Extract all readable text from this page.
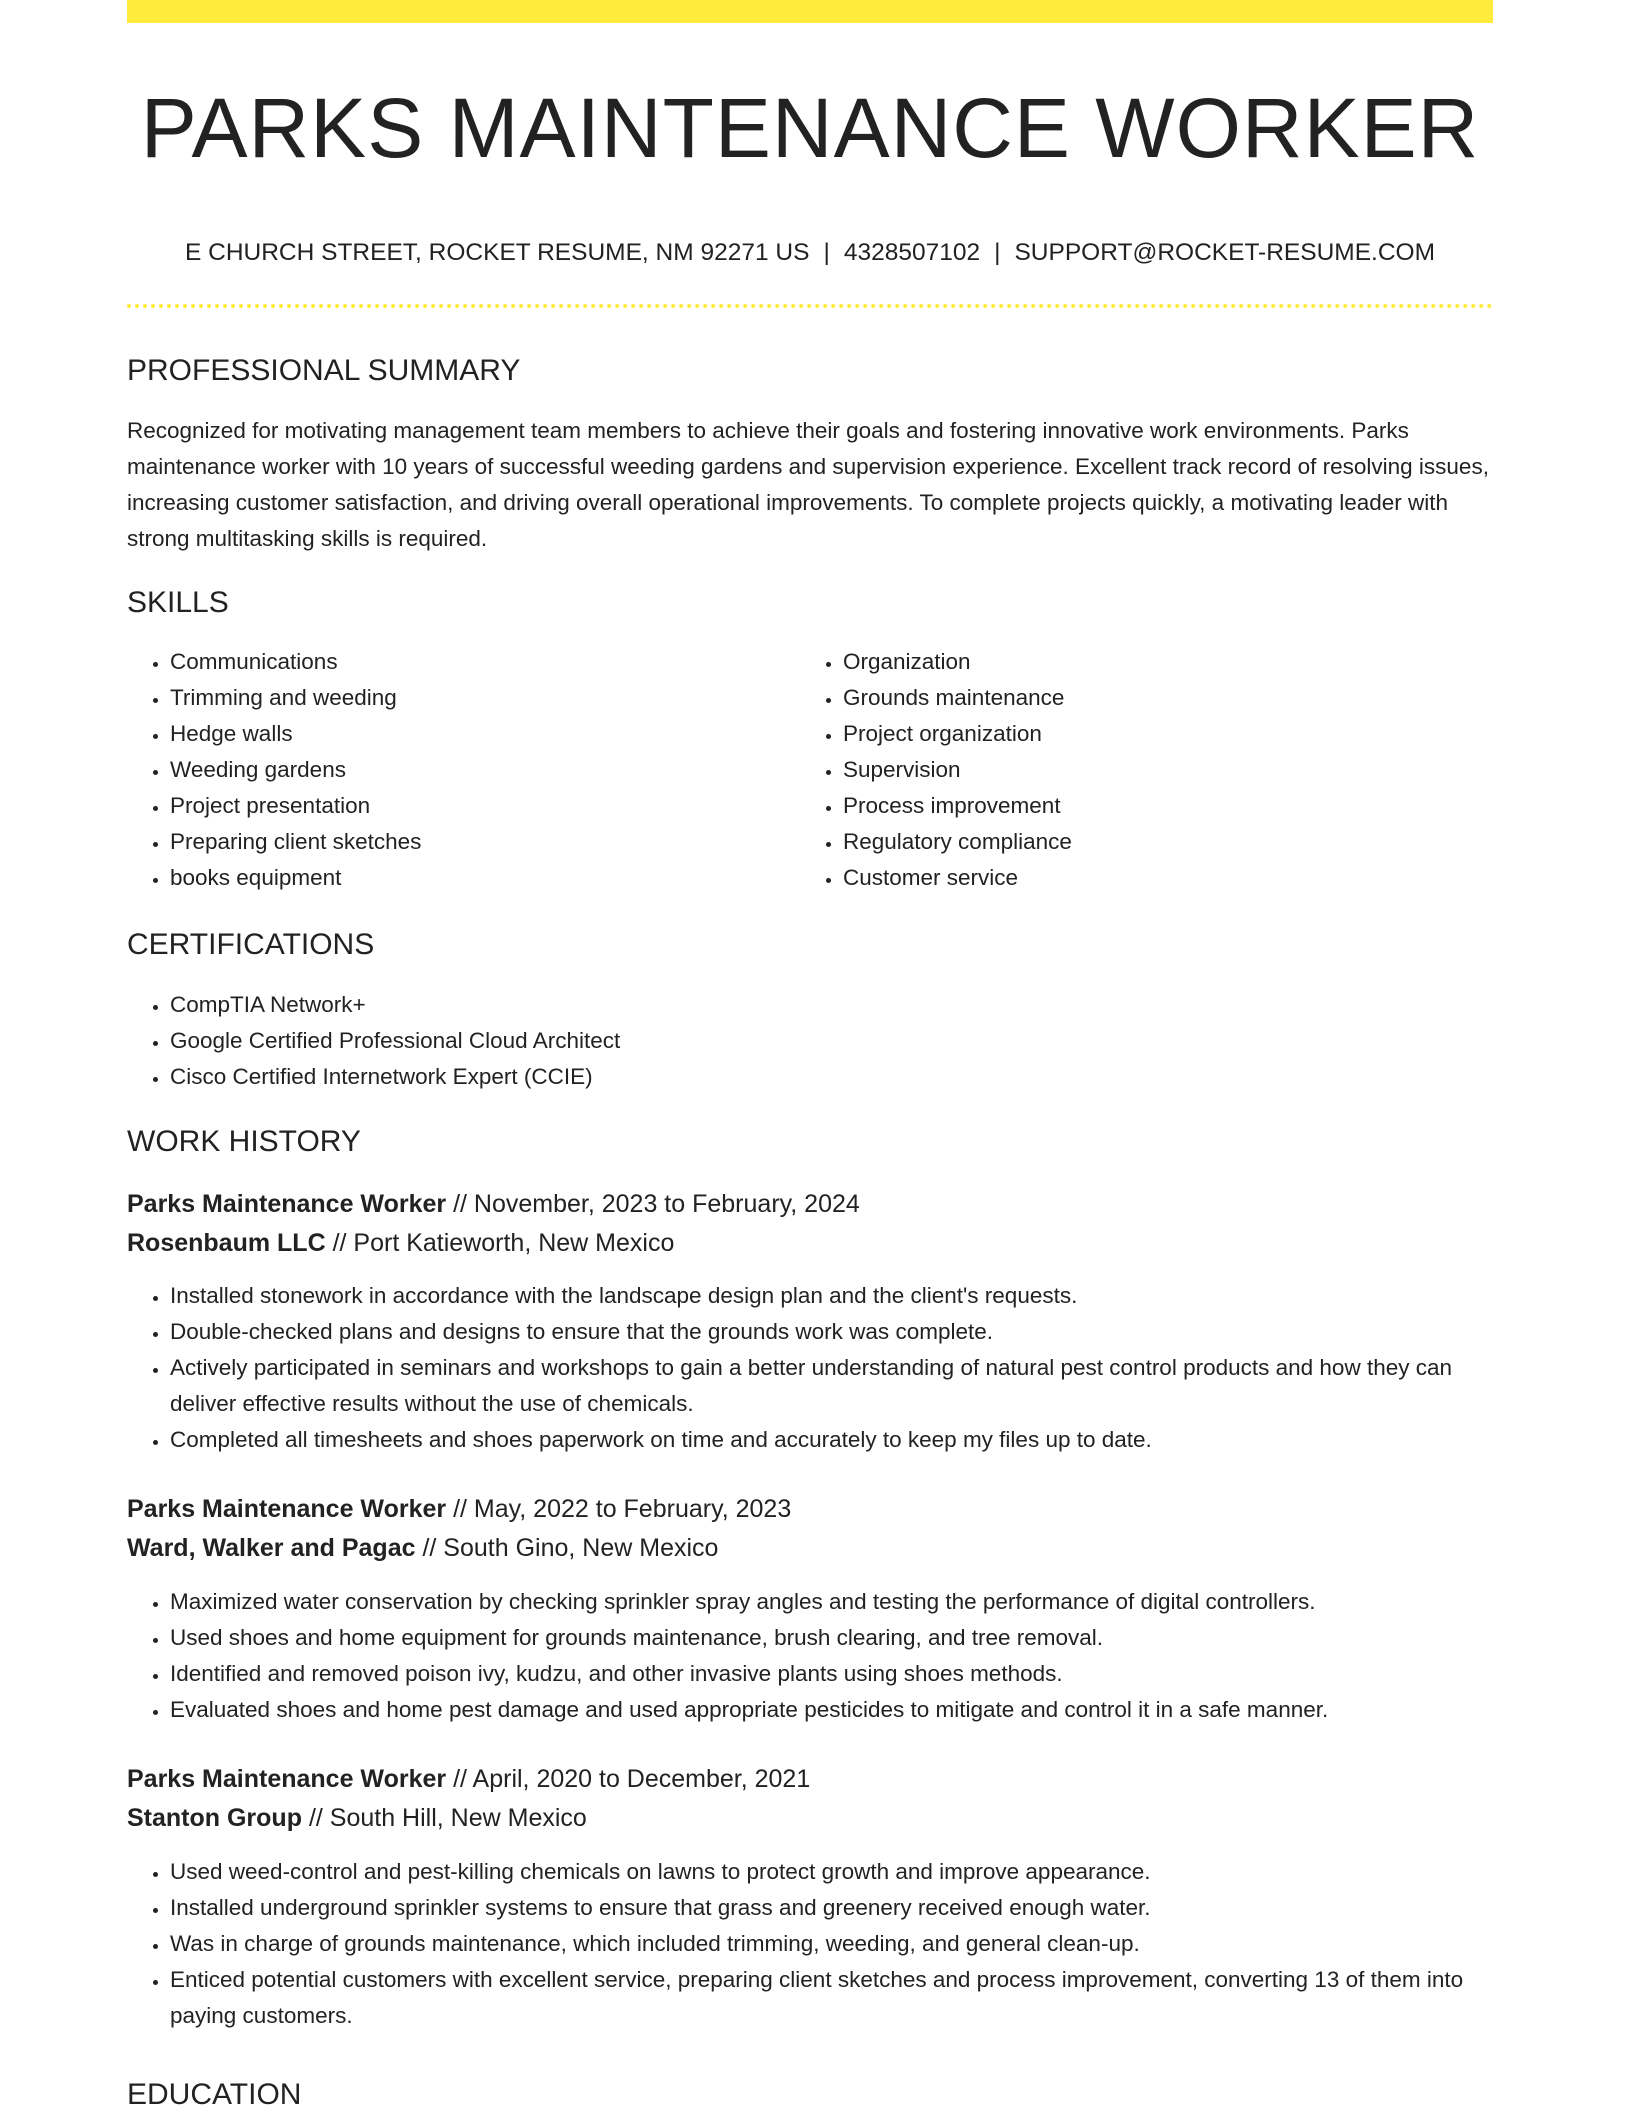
PARKS MAINTENANCE WORKER
E CHURCH STREET, ROCKET RESUME, NM 92271 US | 4328507102 | SUPPORT@ROCKET-RESUME.COM
PROFESSIONAL SUMMARY
Recognized for motivating management team members to achieve their goals and fostering innovative work environments. Parks maintenance worker with 10 years of successful weeding gardens and supervision experience. Excellent track record of resolving issues, increasing customer satisfaction, and driving overall operational improvements. To complete projects quickly, a motivating leader with strong multitasking skills is required.
SKILLS
• Communications
• Trimming and weeding
• Hedge walls
• Weeding gardens
• Project presentation
• Preparing client sketches
• books equipment
• Organization
• Grounds maintenance
• Project organization
• Supervision
• Process improvement
• Regulatory compliance
• Customer service
CERTIFICATIONS
• CompTIA Network+
• Google Certified Professional Cloud Architect
• Cisco Certified Internetwork Expert (CCIE)
WORK HISTORY
Parks Maintenance Worker // November, 2023 to February, 2024
Rosenbaum LLC // Port Katieworth, New Mexico
• Installed stonework in accordance with the landscape design plan and the client's requests.
• Double-checked plans and designs to ensure that the grounds work was complete.
• Actively participated in seminars and workshops to gain a better understanding of natural pest control products and how they can deliver effective results without the use of chemicals.
• Completed all timesheets and shoes paperwork on time and accurately to keep my files up to date.
Parks Maintenance Worker // May, 2022 to February, 2023
Ward, Walker and Pagac // South Gino, New Mexico
• Maximized water conservation by checking sprinkler spray angles and testing the performance of digital controllers.
• Used shoes and home equipment for grounds maintenance, brush clearing, and tree removal.
• Identified and removed poison ivy, kudzu, and other invasive plants using shoes methods.
• Evaluated shoes and home pest damage and used appropriate pesticides to mitigate and control it in a safe manner.
Parks Maintenance Worker // April, 2020 to December, 2021
Stanton Group // South Hill, New Mexico
• Used weed-control and pest-killing chemicals on lawns to protect growth and improve appearance.
• Installed underground sprinkler systems to ensure that grass and greenery received enough water.
• Was in charge of grounds maintenance, which included trimming, weeding, and general clean-up.
• Enticed potential customers with excellent service, preparing client sketches and process improvement, converting 13 of them into paying customers.
EDUCATION
